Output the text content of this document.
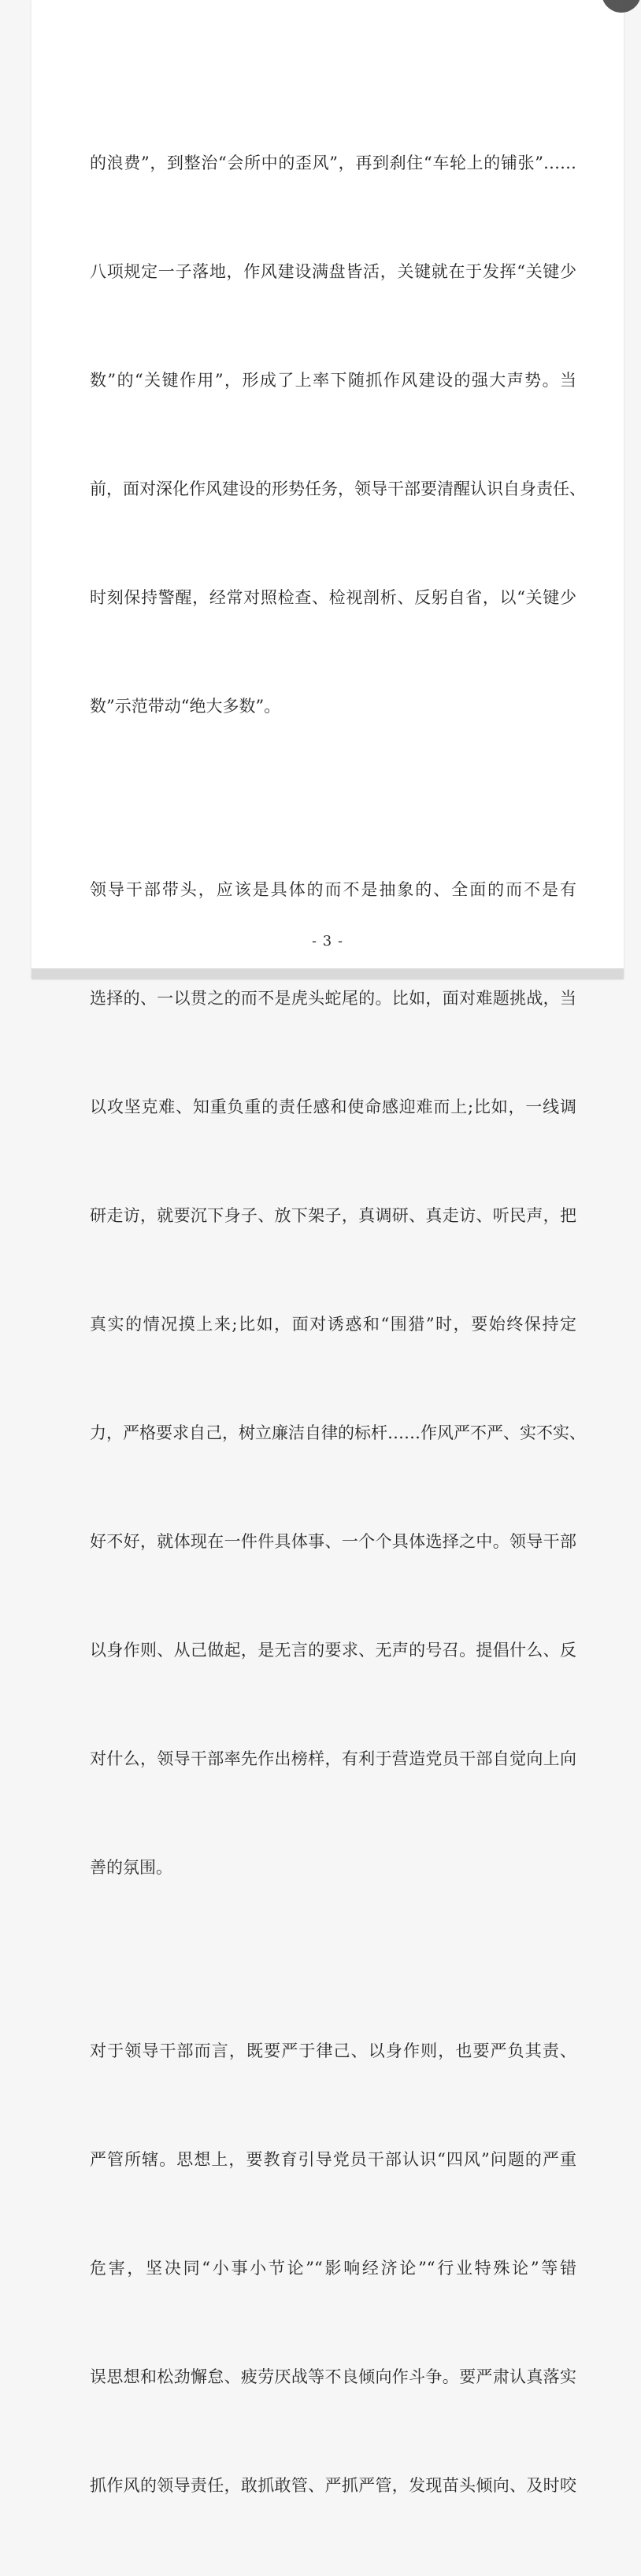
的浪费”，到整治“会所中的歪风”，再到刹住“车轮上的铺张”……

八项规定一子落地，作风建设满盘皆活，关键就在于发挥“关键少

数”的“关键作用”，形成了上率下随抓作风建设的强大声势。当

前，面对深化作风建设的形势任务，领导干部要清醒认识自身责任、

时刻保持警醒，经常对照检查、检视剖析、反躬自省，以“关键少

数”示范带动“绝大多数”。

领导干部带头，应该是具体的而不是抽象的、全面的而不是有

选择的、一以贯之的而不是虎头蛇尾的。比如，面对难题挑战，当

以攻坚克难、知重负重的责任感和使命感迎难而上;比如，一线调

研走访，就要沉下身子、放下架子，真调研、真走访、听民声，把

真实的情况摸上来;比如，面对诱惑和“围猎”时，要始终保持定

力，严格要求自己，树立廉洁自律的标杆……作风严不严、实不实、

好不好，就体现在一件件具体事、一个个具体选择之中。领导干部

以身作则、从己做起，是无言的要求、无声的号召。提倡什么、反

对什么，领导干部率先作出榜样，有利于营造党员干部自觉向上向

善的氛围。

对于领导干部而言，既要严于律己、以身作则，也要严负其责、

严管所辖。思想上，要教育引导党员干部认识“四风”问题的严重

危害，坚决同“小事小节论”“影响经济论”“行业特殊论”等错

误思想和松劲懈怠、疲劳厌战等不良倾向作斗争。要严肃认真落实

抓作风的领导责任，敢抓敢管、严抓严管，发现苗头倾向、及时咬

- 3 -
